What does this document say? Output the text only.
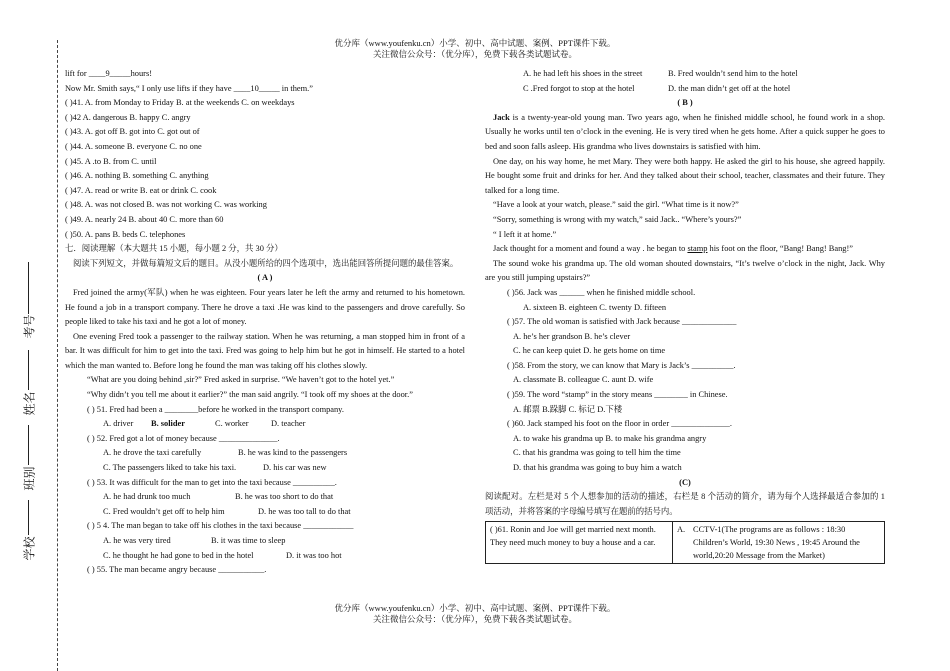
优分库（www.youfenku.cn）小学、初中、高中试题、案例、PPT课件下载。
关注微信公众号：（优分库），免费下载各类试题试卷。
优分库（www.youfenku.cn）小学、初中、高中试题、案例、PPT课件下载。
关注微信公众号：（优分库），免费下载各类试题试卷。
考号
姓名
班别
学校
lift for ____9_____hours!
Now Mr. Smith says,“ I only use lifts if they have ____10_____ in them.”
( )41. A. from Monday to Friday B. at the weekends C. on weekdays
( )42 A. dangerous B. happy C. angry
( )43. A. got off B. got into C. got out of
( )44. A. someone B. everyone C. no one
( )45. A .to B. from C. until
( )46. A. nothing B. something C. anything
( )47. A. read or write B. eat or drink C. cook
( )48. A. was not closed B. was not working C. was working
( )49. A. nearly 24 B. about 40 C. more than 60
( )50. A. pans B. beds C. telephones
七．阅读理解（本大题共 15 小题，每小题 2 分，共 30 分）
阅读下列短文，并做每篇短文后的题目。从没小题所给的四个选项中，选出能回答所提问题的最佳答案。
( A )
Fred joined the army(军队) when he was eighteen. Four years later he left the army and returned to his hometown. He found a job in a transport company. There he drove a taxi .He was kind to the passengers and drove carefully. So people liked to take his taxi and he got a lot of money.
One evening Fred took a passenger to the railway station. When he was returning, a man stopped him in front of a bar. It was difficult for him to get into the taxi. Fred was going to help him but he got in himself. He started to a hotel which the man wanted to. Before long he found the man was taking off his clothes slowly.
“What are you doing behind ,sir?” Fred asked in surprise. “We haven’t got to the hotel yet.”
“Why didn’t you tell me about it earlier?” the man said angrily. “I took off my shoes at the door.”
( ) 51. Fred had been a ________before he worked in the transport company.
A. driver	B. solider	C. worker	D. teacher
( ) 52. Fred got a lot of money because ______________.
A. he drove the taxi carefully	B. he was kind to the passengers
C. The passengers liked to take his taxi.	D. his car was new
( ) 53. It was difficult for the man to get into the taxi because __________.
A. he had drunk too much	B. he was too short to do that
C. Fred wouldn’t get off to help him	D. he was too tall to do that
( ) 5 4. The man began to take off his clothes in the taxi because ____________
A. he was very tired	B. it was time to sleep
C. he thought he had gone to bed in the hotel	D. it was too hot
( ) 55. The man became angry because ___________.
A. he had left his shoes in the street	B. Fred wouldn’t send him to the hotel
C .Fred forgot to stop at the hotel	D. the man didn’t get off at the hotel
( B )
Jack is a twenty-year-old young man. Two years ago, when he finished middle school, he found work in a shop. Usually he works until ten o’clock in the evening. He is very tired when he gets home. After a quick supper he goes to bed and soon falls asleep. His grandma who lives downstairs is satisfied with him.
One day, on his way home, he met Mary. They were both happy. He asked the girl to his house, she agreed happily. He bought some fruit and drinks for her. And they talked about their school, teacher, classmates and their future. They talked for a long time.
“Have a look at your watch, please.” said the girl. “What time is it now?”
“Sorry, something is wrong with my watch,” said Jack.. “Where’s yours?”
“ I left it at home.”
Jack thought for a moment and found a way . he began to stamp his foot on the floor, “Bang! Bang! Bang!”
The sound woke his grandma up. The old woman shouted downstairs, “It’s twelve o’clock in the night, Jack. Why are you still jumping upstairs?”
( )56. Jack was ______ when he finished middle school.
A. sixteen B. eighteen C. twenty D. fifteen
( )57. The old woman is satisfied with Jack because _____________
A. he’s her grandson B. he’s clever
C. he can keep quiet D. he gets home on time
( )58. From the story, we can know that Mary is Jack’s __________.
A. classmate B. colleague C. aunt D. wife
( )59. The word “stamp” in the story means ________ in Chinese.
A. 邮票 B.跺脚 C. 标记 D.下楼
( )60. Jack stamped his foot on the floor in order ______________.
A. to wake his grandma up B. to make his grandma angry
C. that his grandma was going to tell him the time
D. that his grandma was going to buy him a watch
(C)
阅读配对。左栏是对 5 个人想参加的活动的描述，右栏是 8 个活动的简介，请为每个人选择最适合参加的 1 项活动，并将答案的字母编号填写在题前的括号内。
( )61. Ronin and Joe will get married next month. They need much money to buy a house and a car.	A.	CCTV-1(The programs are as follows : 18:30 Children’s World, 19:30 News , 19:45 Around the world,20:20 Message from the Market)
